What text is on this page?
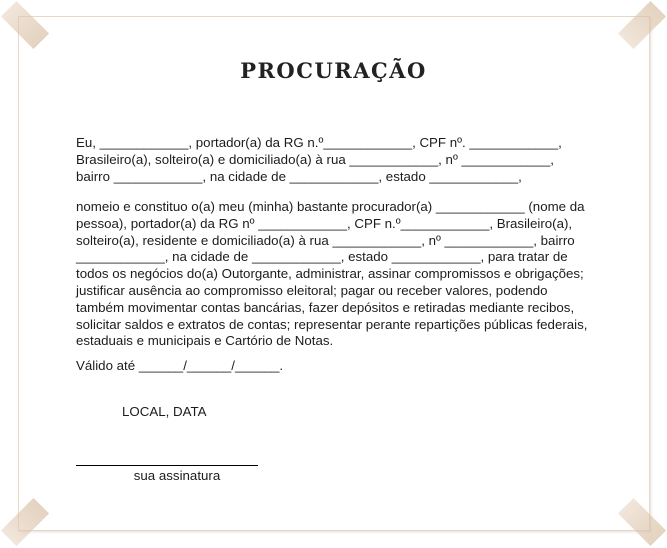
PROCURAÇÃO
Eu, ____________, portador(a) da RG n.º____________, CPF nº. ____________,
Brasileiro(a), solteiro(a) e domiciliado(a) à rua ____________, nº ____________,
bairro ____________, na cidade de ____________, estado ____________,
nomeio e constituo o(a) meu (minha) bastante procurador(a) ____________ (nome da
pessoa), portador(a) da RG nº ____________, CPF n.º____________, Brasileiro(a),
solteiro(a), residente e domiciliado(a) à rua ____________, nº ____________, bairro
____________, na cidade de ____________, estado ____________, para tratar de
todos os negócios do(a) Outorgante, administrar, assinar compromissos e obrigações;
justificar ausência ao compromisso eleitoral; pagar ou receber valores, podendo
também movimentar contas bancárias, fazer depósitos e retiradas mediante recibos,
solicitar saldos e extratos de contas; representar perante repartições públicas federais,
estaduais e municipais e Cartório de Notas.
Válido até ______/______/______.
LOCAL, DATA
sua assinatura
